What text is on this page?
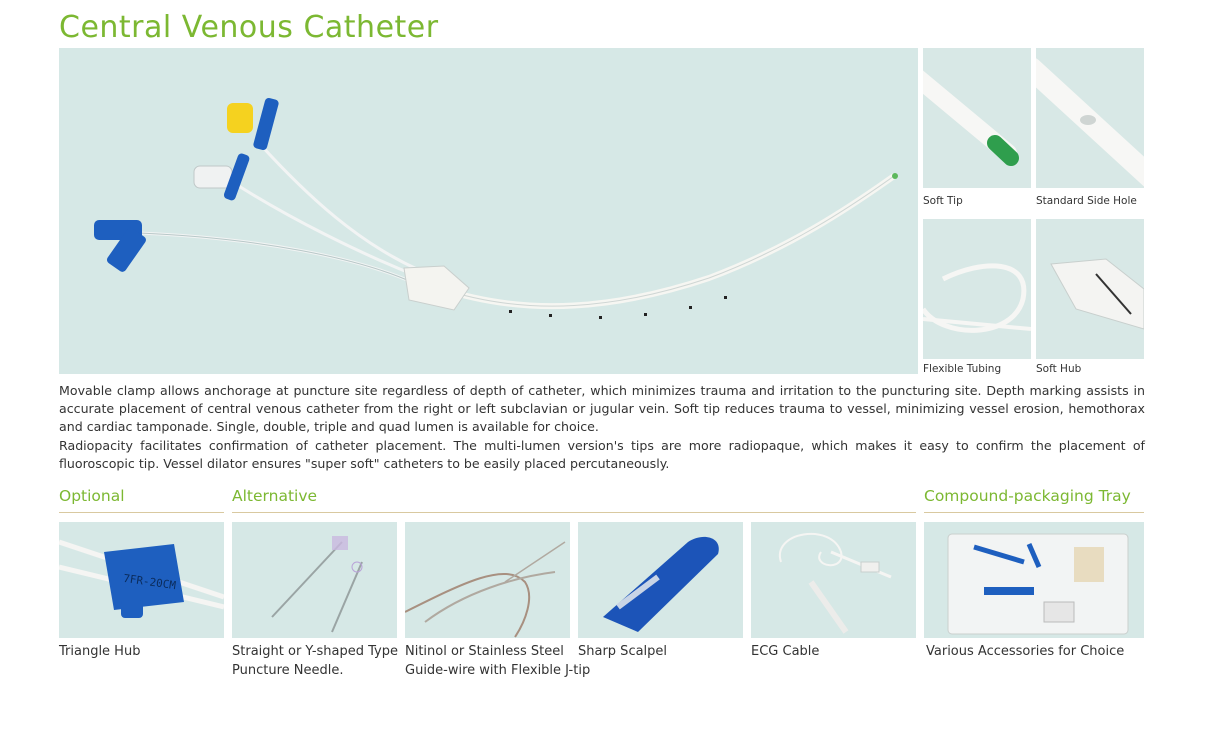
Central Venous Catheter
Soft Tip	Standard Side Hole
Flexible Tubing	Soft Hub

Movable clamp allows anchorage at puncture site regardless of depth of catheter, which minimizes trauma and irritation to the puncturing site. Depth marking assists in accurate placement of central venous catheter from the right or left subclavian or jugular vein. Soft tip reduces trauma to vessel, minimizing vessel erosion, hemothorax and cardiac tamponade. Single, double, triple and quad lumen is available for choice.

Radiopacity facilitates confirmation of catheter placement. The multi-lumen version's tips are more radiopaque, which makes it easy to confirm the placement of fluoroscopic tip. Vessel dilator ensures "super soft" catheters to be easily placed percutaneously.

Optional	Alternative	Compound-packaging Tray
7FR-20CM
Triangle Hub	Straight or Y-shaped Type
Puncture Needle.
Nitinol or Stainless Steel
Guide-wire with Flexible J-tip
Sharp Scalpel	ECG Cable	Various Accessories for Choice
